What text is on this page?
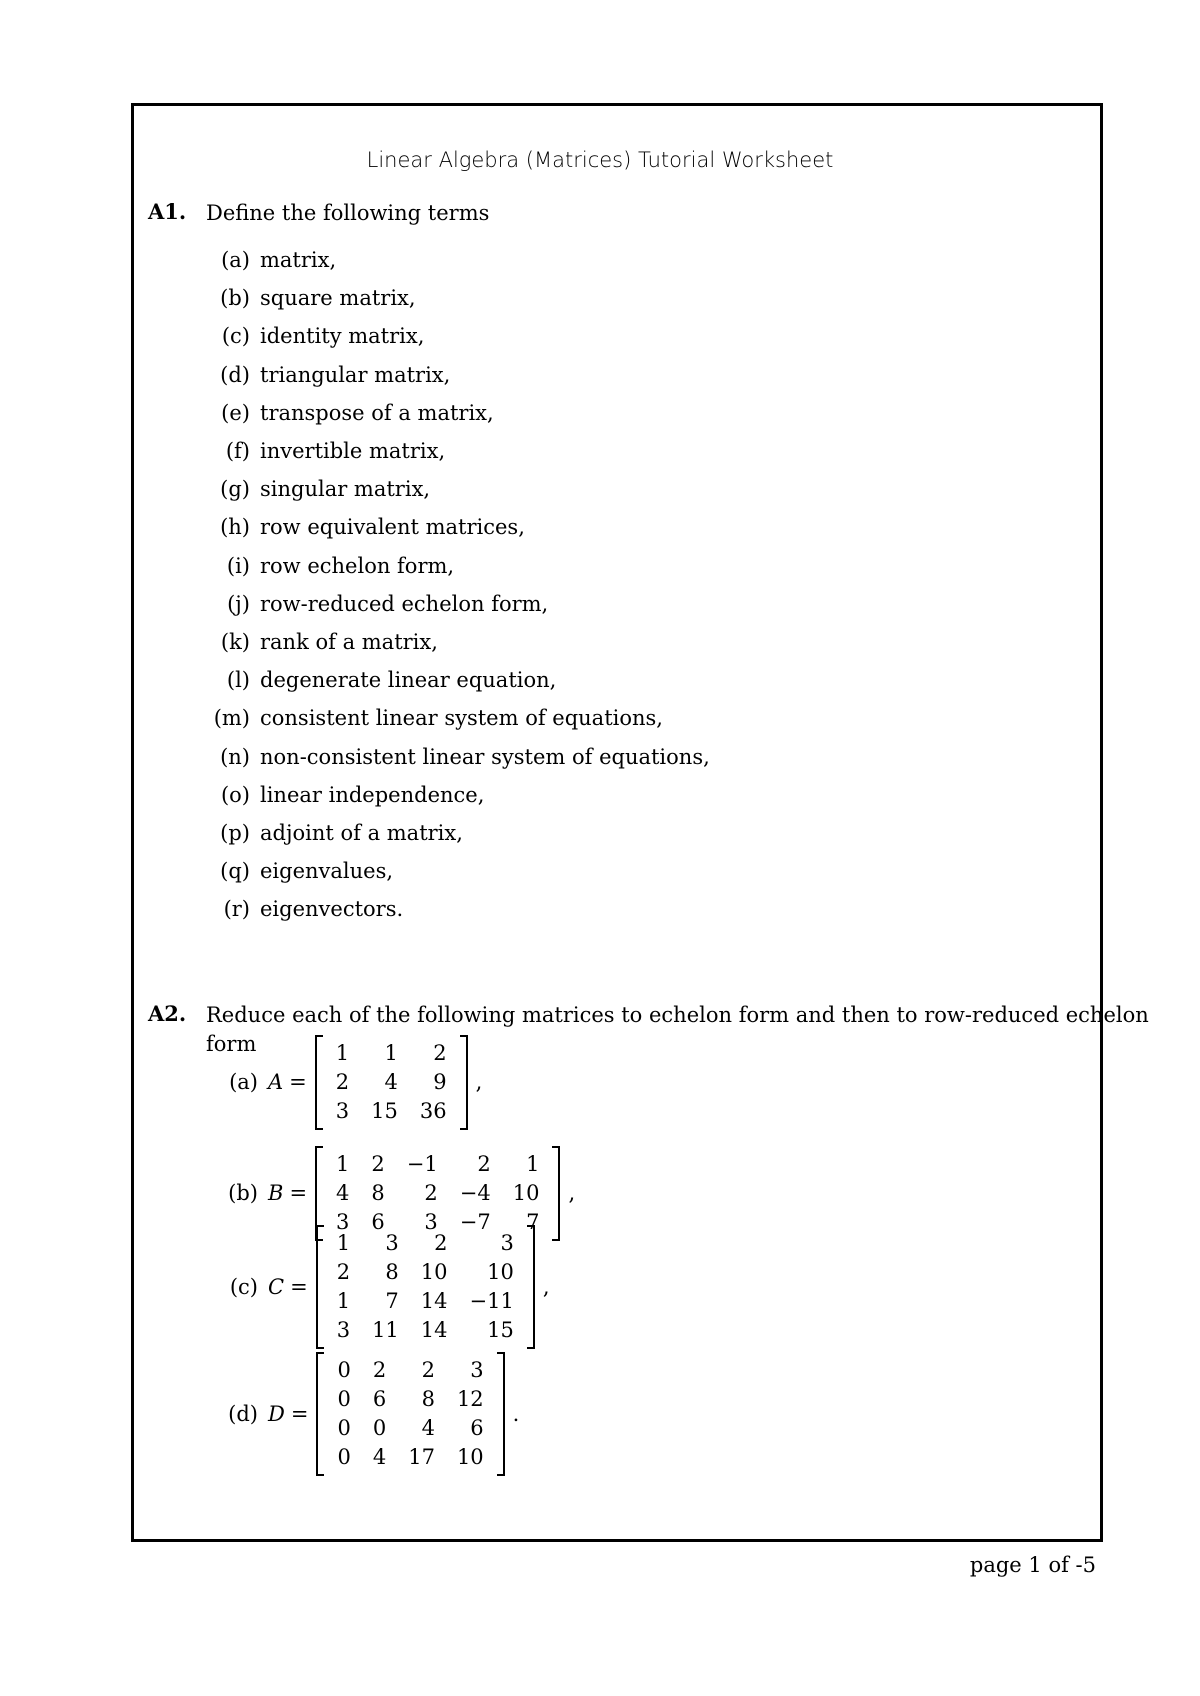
Linear Algebra (Matrices) Tutorial Worksheet
A1. Define the following terms
(a) matrix,
(b) square matrix,
(c) identity matrix,
(d) triangular matrix,
(e) transpose of a matrix,
(f) invertible matrix,
(g) singular matrix,
(h) row equivalent matrices,
(i) row echelon form,
(j) row-reduced echelon form,
(k) rank of a matrix,
(l) degenerate linear equation,
(m) consistent linear system of equations,
(n) non-consistent linear system of equations,
(o) linear independence,
(p) adjoint of a matrix,
(q) eigenvalues,
(r) eigenvectors.
A2. Reduce each of the following matrices to echelon form and then to row-reduced echelon
form
(a) A =
1	1	2
2	4	9
3	15	36
,
(b) B =
1	2	−1	2	1
4	8	2	−4	10
3	6	3	−7	7
,
(c) C =
1	3	2	3
2	8	10	10
1	7	14	−11
3	11	14	15
,
(d) D =
0	2	2	3
0	6	8	12
0	0	4	6
0	4	17	10
.
page 1 of -5
